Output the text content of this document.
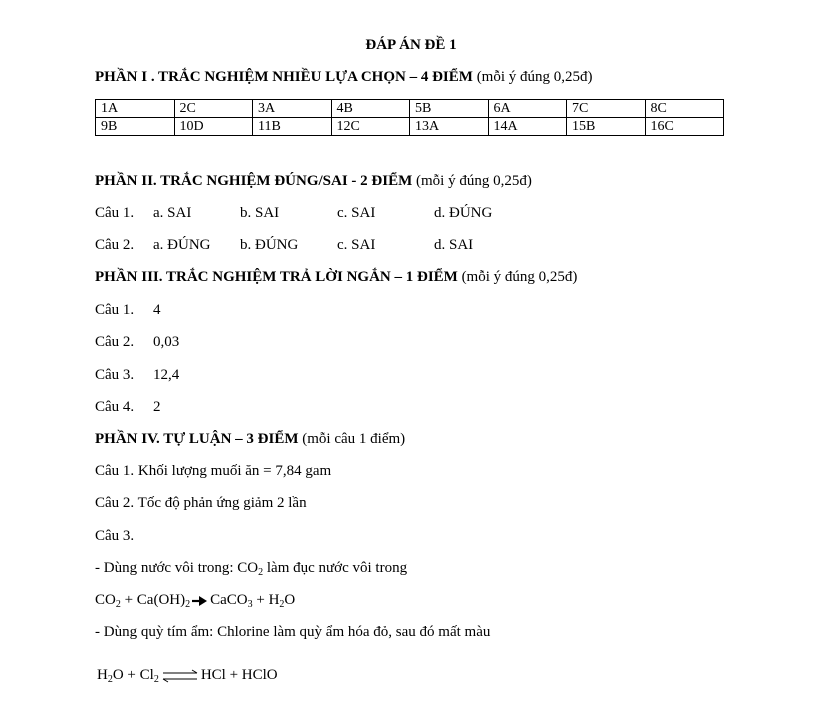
ĐÁP ÁN ĐỀ 1
PHẦN I . TRẮC NGHIỆM NHIỀU LỰA CHỌN – 4 ĐIỂM (mỗi ý đúng 0,25đ)
1A	2C	3A	4B	5B	6A	7C	8C
9B	10D	11B	12C	13A	14A	15B	16C
PHẦN II. TRẮC NGHIỆM ĐÚNG/SAI - 2 ĐIỂM (mỗi ý đúng 0,25đ)
Câu 1. a. SAI	b. SAI	c. SAI	d. ĐÚNG
Câu 2. a. ĐÚNG b. ĐÚNG	c. SAI	d. SAI
PHẦN III. TRẮC NGHIỆM TRẢ LỜI NGẮN – 1 ĐIỂM (mỗi ý đúng 0,25đ)
Câu 1. 4
Câu 2. 0,03
Câu 3. 12,4
Câu 4. 2
PHẦN IV. TỰ LUẬN – 3 ĐIỂM (mỗi câu 1 điểm)
Câu 1. Khối lượng muối ăn = 7,84 gam
Câu 2. Tốc độ phản ứng giảm 2 lần
Câu 3.
- Dùng nước vôi trong: $CO_2$ làm đục nước vôi trong
$CO_2 + Ca(OH)_2$ → CaCO$_3$ + $H_2O$
- Dùng quỳ tím ẩm: Chlorine làm quỳ ẩm hóa đỏ, sau đó mất màu
$H_2O + Cl_2$ ⇌ HCl + HClO
